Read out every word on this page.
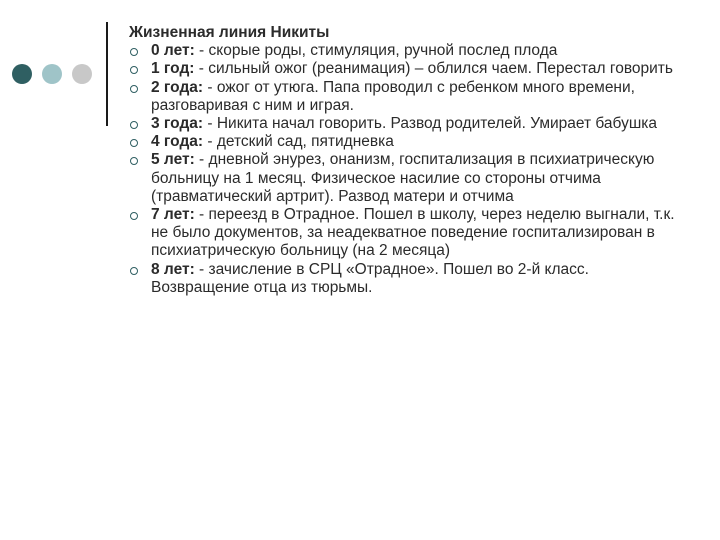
Жизненная линия Никиты

0 лет: - скорые роды, стимуляция, ручной послед плода
1 год: - сильный ожог (реанимация) – облился чаем. Перестал говорить
2 года: - ожог от утюга. Папа проводил с ребенком много времени, разговаривая с ним и играя.
3 года: - Никита начал говорить. Развод родителей. Умирает бабушка
4 года: - детский сад, пятидневка
5 лет: - дневной энурез, онанизм, госпитализация в психиатрическую больницу на 1 месяц. Физическое насилие со стороны отчима (травматический артрит). Развод матери и отчима
7 лет: - переезд в Отрадное. Пошел в школу, через неделю выгнали, т.к. не было документов, за неадекватное поведение госпитализирован в психиатрическую больницу (на 2 месяца)
8 лет: - зачисление в СРЦ «Отрадное». Пошел во 2-й класс. Возвращение отца из тюрьмы.
